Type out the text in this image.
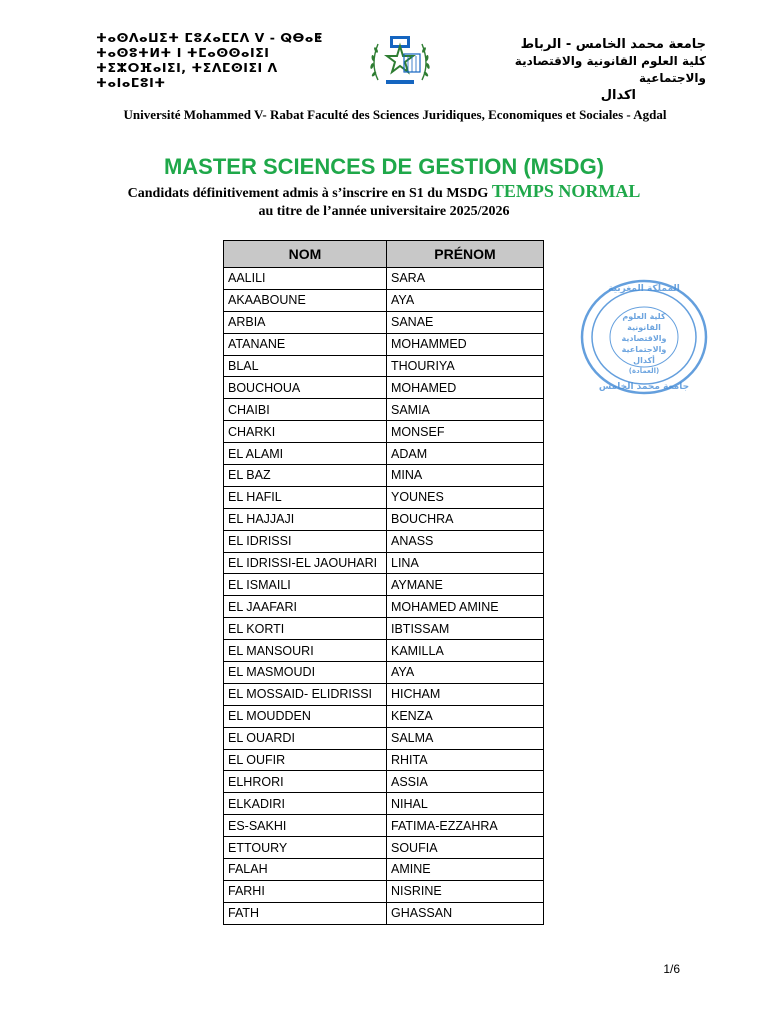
ⵜⴰⵙⴷⴰⵡⵉⵜ ⵎⵓⵃⴰⵎⵎⴷ V - ⵕⴱⴰⵟ
ⵜⴰⵙⵓⵜⵍⵜ ⵏ ⵜⵎⴰⵙⵙⴰⵏⵉⵏ
ⵜⵉⵣⵔⴼⴰⵏⵉⵏ, ⵜⵉⴷⵎⵙⵏⵉⵏ ⴷ
ⵜⴰⵏⴰⵎⵓⵏⵜ
جامعة محمد الخامس - الرباط
كلية العلوم القانونية والاقتصادية والاجتماعية
اكدال
Université Mohammed V- Rabat Faculté des Sciences Juridiques, Economiques et Sociales - Agdal
MASTER SCIENCES DE GESTION (MSDG)
Candidats définitivement admis à s’inscrire en S1 du MSDG TEMPS NORMAL
au titre de l’année universitaire 2025/2026
NOM	PRÉNOM
AALILI	SARA
AKAABOUNE	AYA
ARBIA	SANAE
ATANANE	MOHAMMED
BLAL	THOURIYA
BOUCHOUA	MOHAMED
CHAIBI	SAMIA
CHARKI	MONSEF
EL ALAMI	ADAM
EL BAZ	MINA
EL HAFIL	YOUNES
EL HAJJAJI	BOUCHRA
EL IDRISSI	ANASS
EL IDRISSI-EL JAOUHARI	LINA
EL ISMAILI	AYMANE
EL JAAFARI	MOHAMED AMINE
EL KORTI	IBTISSAM
EL MANSOURI	KAMILLA
EL MASMOUDI	AYA
EL MOSSAID- ELIDRISSI	HICHAM
EL MOUDDEN	KENZA
EL OUARDI	SALMA
EL OUFIR	RHITA
ELHRORI	ASSIA
ELKADIRI	NIHAL
ES-SAKHI	FATIMA-EZZAHRA
ETTOURY	SOUFIA
FALAH	AMINE
FARHI	NISRINE
FATH	GHASSAN
المملكة المغربية
جامعة محمد الخامس
كلية العلوم
القانونية
والاقتصادية
والاجتماعية
أكدال
(العمادة)
1/6
